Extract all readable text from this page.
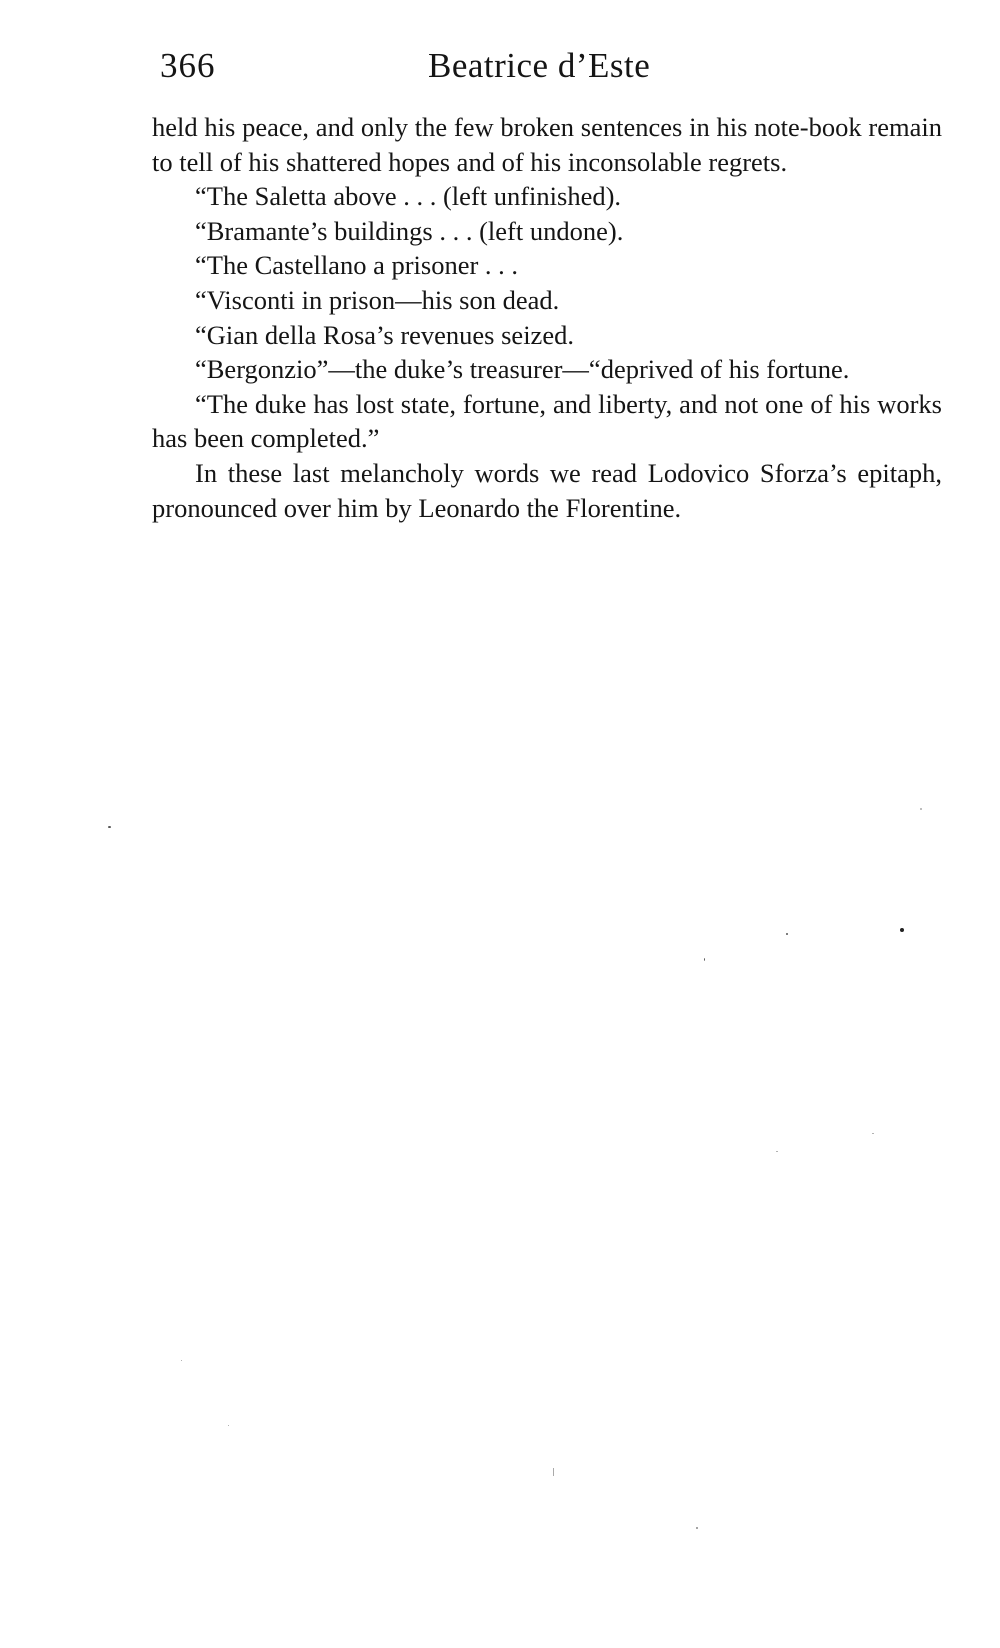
366	Beatrice d’Este

held his peace, and only the few broken sentences in his note-book remain to tell of his shattered hopes and of his inconsolable regrets.

“The Saletta above . . . (left unfinished).

“Bramante’s buildings . . . (left undone).

“The Castellano a prisoner . . .

“Visconti in prison—his son dead.

“Gian della Rosa’s revenues seized.

“Bergonzio”—the duke’s treasurer—“deprived of his fortune.

“The duke has lost state, fortune, and liberty, and not one of his works has been completed.”

In these last melancholy words we read Lodovico Sforza’s epitaph, pronounced over him by Leonardo the Florentine.
